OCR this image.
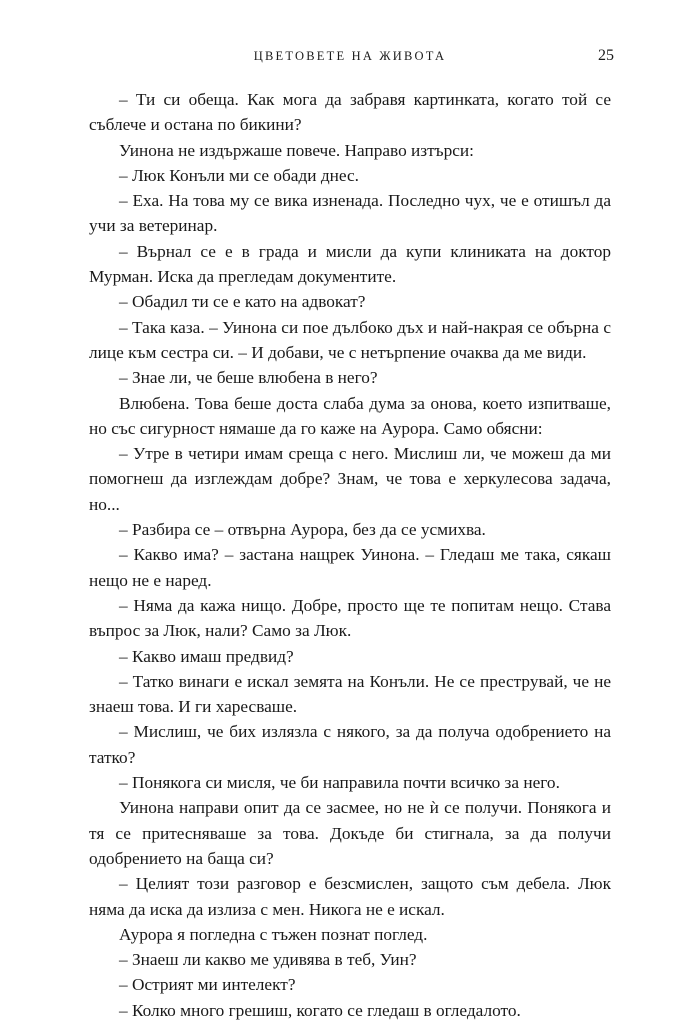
ЦВЕТОВЕТЕ НА ЖИВОТА	25

– Ти си обеща. Как мога да забравя картинката, когато той се съблече и остана по бикини?

Уинона не издържаше повече. Направо изтърси:

– Люк Конъли ми се обади днес.

– Еха. На това му се вика изненада. Последно чух, че е отишъл да учи за ветеринар.

– Върнал се е в града и мисли да купи клиниката на доктор Мурман. Иска да прегледам документите.

– Обадил ти се е като на адвокат?

– Така каза. – Уинона си пое дълбоко дъх и най-накрая се обърна с лице към сестра си. – И добави, че с нетърпение очаква да ме види.

– Знае ли, че беше влюбена в него?

Влюбена. Това беше доста слаба дума за онова, което изпитваше, но със сигурност нямаше да го каже на Аурора. Само обясни:

– Утре в четири имам среща с него. Мислиш ли, че можеш да ми помогнеш да изглеждам добре? Знам, че това е херкулесова задача, но...

– Разбира се – отвърна Аурора, без да се усмихва.

– Какво има? – застана нащрек Уинона. – Гледаш ме така, сякаш нещо не е наред.

– Няма да кажа нищо. Добре, просто ще те попитам нещо. Става въпрос за Люк, нали? Само за Люк.

– Какво имаш предвид?

– Татко винаги е искал земята на Конъли. Не се преструвай, че не знаеш това. И ги харесваше.

– Мислиш, че бих излязла с някого, за да получа одобрението на татко?

– Понякога си мисля, че би направила почти всичко за него.

Уинона направи опит да се засмее, но не ѝ се получи. Понякога и тя се притесняваше за това. Докъде би стигнала, за да получи одобрението на баща си?

– Целият този разговор е безсмислен, защото съм дебела. Люк няма да иска да излиза с мен. Никога не е искал.

Аурора я погледна с тъжен познат поглед.

– Знаеш ли какво ме удивява в теб, Уин?

– Острият ми интелект?

– Колко много грешиш, когато се гледаш в огледалото.
